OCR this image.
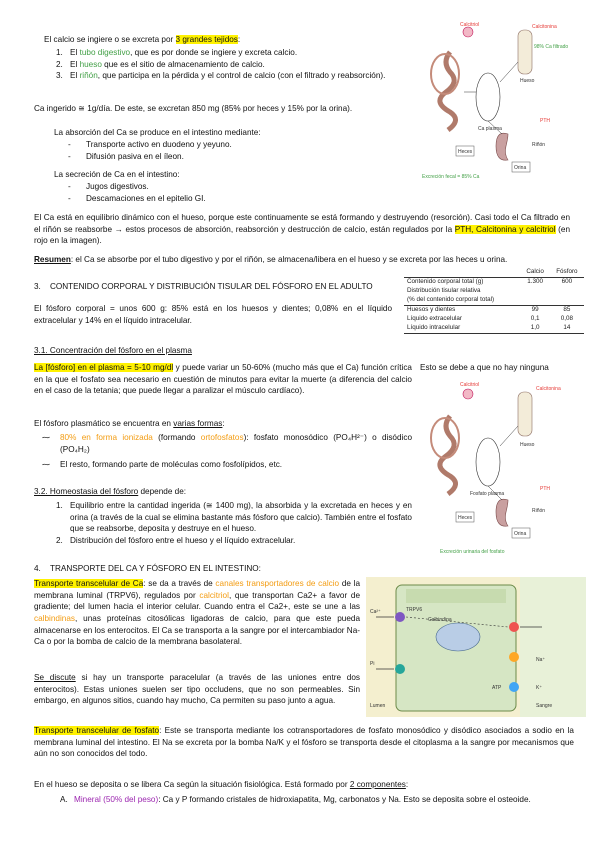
El calcio se ingiere o se excreta por 3 grandes tejidos:
1. El tubo digestivo, que es por donde se ingiere y excreta calcio.
2. El hueso que es el sitio de almacenamiento de calcio.
3. El riñón, que participa en la pérdida y el control de calcio (con el filtrado y reabsorción).

Ca ingerido ≅ 1g/día. De este, se excretan 850 mg (85% por heces y 15% por la orina).

La absorción del Ca se produce en el intestino mediante:

- Transporte activo en duodeno y yeyuno.
- Difusión pasiva en el íleon.

La secreción de Ca en el intestino:

- Jugos digestivos.
- Descamaciones en el epitelio GI.

El Ca está en equilibrio dinámico con el hueso, porque este continuamente se está formando y destruyendo (resorción). Casi todo el Ca filtrado en el riñón se reabsorbe → estos procesos de absorción, reabsorción y destrucción de calcio, están regulados por la PTH, Calcitonina y calcitriol (en rojo en la imagen).

Resumen: el Ca se absorbe por el tubo digestivo y por el riñón, se almacena/libera en el hueso y se excreta por las heces u orina.

3. CONTENIDO CORPORAL Y DISTRIBUCIÓN TISULAR DEL FÓSFORO EN EL ADULTO

El fósforo corporal = unos 600 g: 85% está en los huesos y dientes; 0,08% en el líquido extracelular y 14% en el líquido intracelular.

	Calcio	Fósforo
Contenido corporal total (g)	1.300	600
Distribución tisular relativa		
(% del contenido corporal total)		
Huesos y dientes	99	85
Líquido extracelular	0,1	0,08
Líquido intracelular	1,0	14

3.1. Concentración del fósforo en el plasma

La [fósforo] en el plasma = 5-10 mg/dl y puede variar un 50-60% (mucho más que el Ca) función crítica en la que el fosfato sea necesario en cuestión de minutos para evitar la muerte (a diferencia del calcio en el caso de la tetania; que puede llegar a paralizar el músculo cardíaco).

Esto se debe a que no hay ninguna

El fósforo plasmático se encuentra en varias formas:

⁓ 80% en forma ionizada (formando ortofosfatos): fosfato monosódico (PO₄H²⁻) o disódico (PO₄H₂)
⁓ El resto, formando parte de moléculas como fosfolípidos, etc.

3.2. Homeostasia del fósforo depende de:

1. Equilibrio entre la cantidad ingerida (≅ 1400 mg), la absorbida y la excretada en heces y en orina (a través de la cual se elimina bastante más fósforo que calcio). También entre el fosfato que se reabsorbe, deposita y destruye en el hueso.
2. Distribución del fósforo entre el hueso y el líquido extracelular.

4. TRANSPORTE DEL CA Y FÓSFORO EN EL INTESTINO:

Transporte transcelular de Ca: se da a través de canales transportadores de calcio de la membrana luminal (TRPV6), regulados por calcitriol, que transportan Ca2+ a favor de gradiente; del lumen hacia el interior celular. Cuando entra el Ca2+, este se une a las calbindinas, unas proteínas citosólicas ligadoras de calcio, para que este pueda almacenarse en los enterocitos. El Ca se transporta a la sangre por el intercambiador Na-Ca o por la bomba de calcio de la membrana basolateral.

Se discute si hay un transporte paracelular (a través de las uniones entre dos enterocitos). Estas uniones suelen ser tipo occludens, que no son permeables. Sin embargo, en algunos sitios, cuando hay mucho, Ca permiten su paso junto a agua.

Transporte transcelular de fosfato: Este se transporta mediante los cotransportadores de fosfato monosódico y disódico asociados a sodio en la membrana luminal del intestino. El Na se excreta por la bomba Na/K y el fósforo se transporta desde el citoplasma a la sangre por mecanismos que aún no son conocidos del todo.

En el hueso se deposita o se libera Ca según la situación fisiológica. Está formado por 2 componentes:

A. Mineral (50% del peso): Ca y P formando cristales de hidroxiapatita, Mg, carbonatos y Na. Esto se deposita sobre el osteoide.
Calcitriol	Calcitonina
PTH
98% Ca filtrado
Hueso
Ca plasma
Riñón
Heces
Orina
Excreción fecal = 85% Ca
Calcitonina
Calcitriol
PTH
Hueso
Fosfato plasma
Riñón
Heces
Orina
Excreción urinaria del fosfato
Lumen	Sangre
Ca²⁺
Na⁺
K⁺
ATP
TRPV6
Calbindina
Pi
